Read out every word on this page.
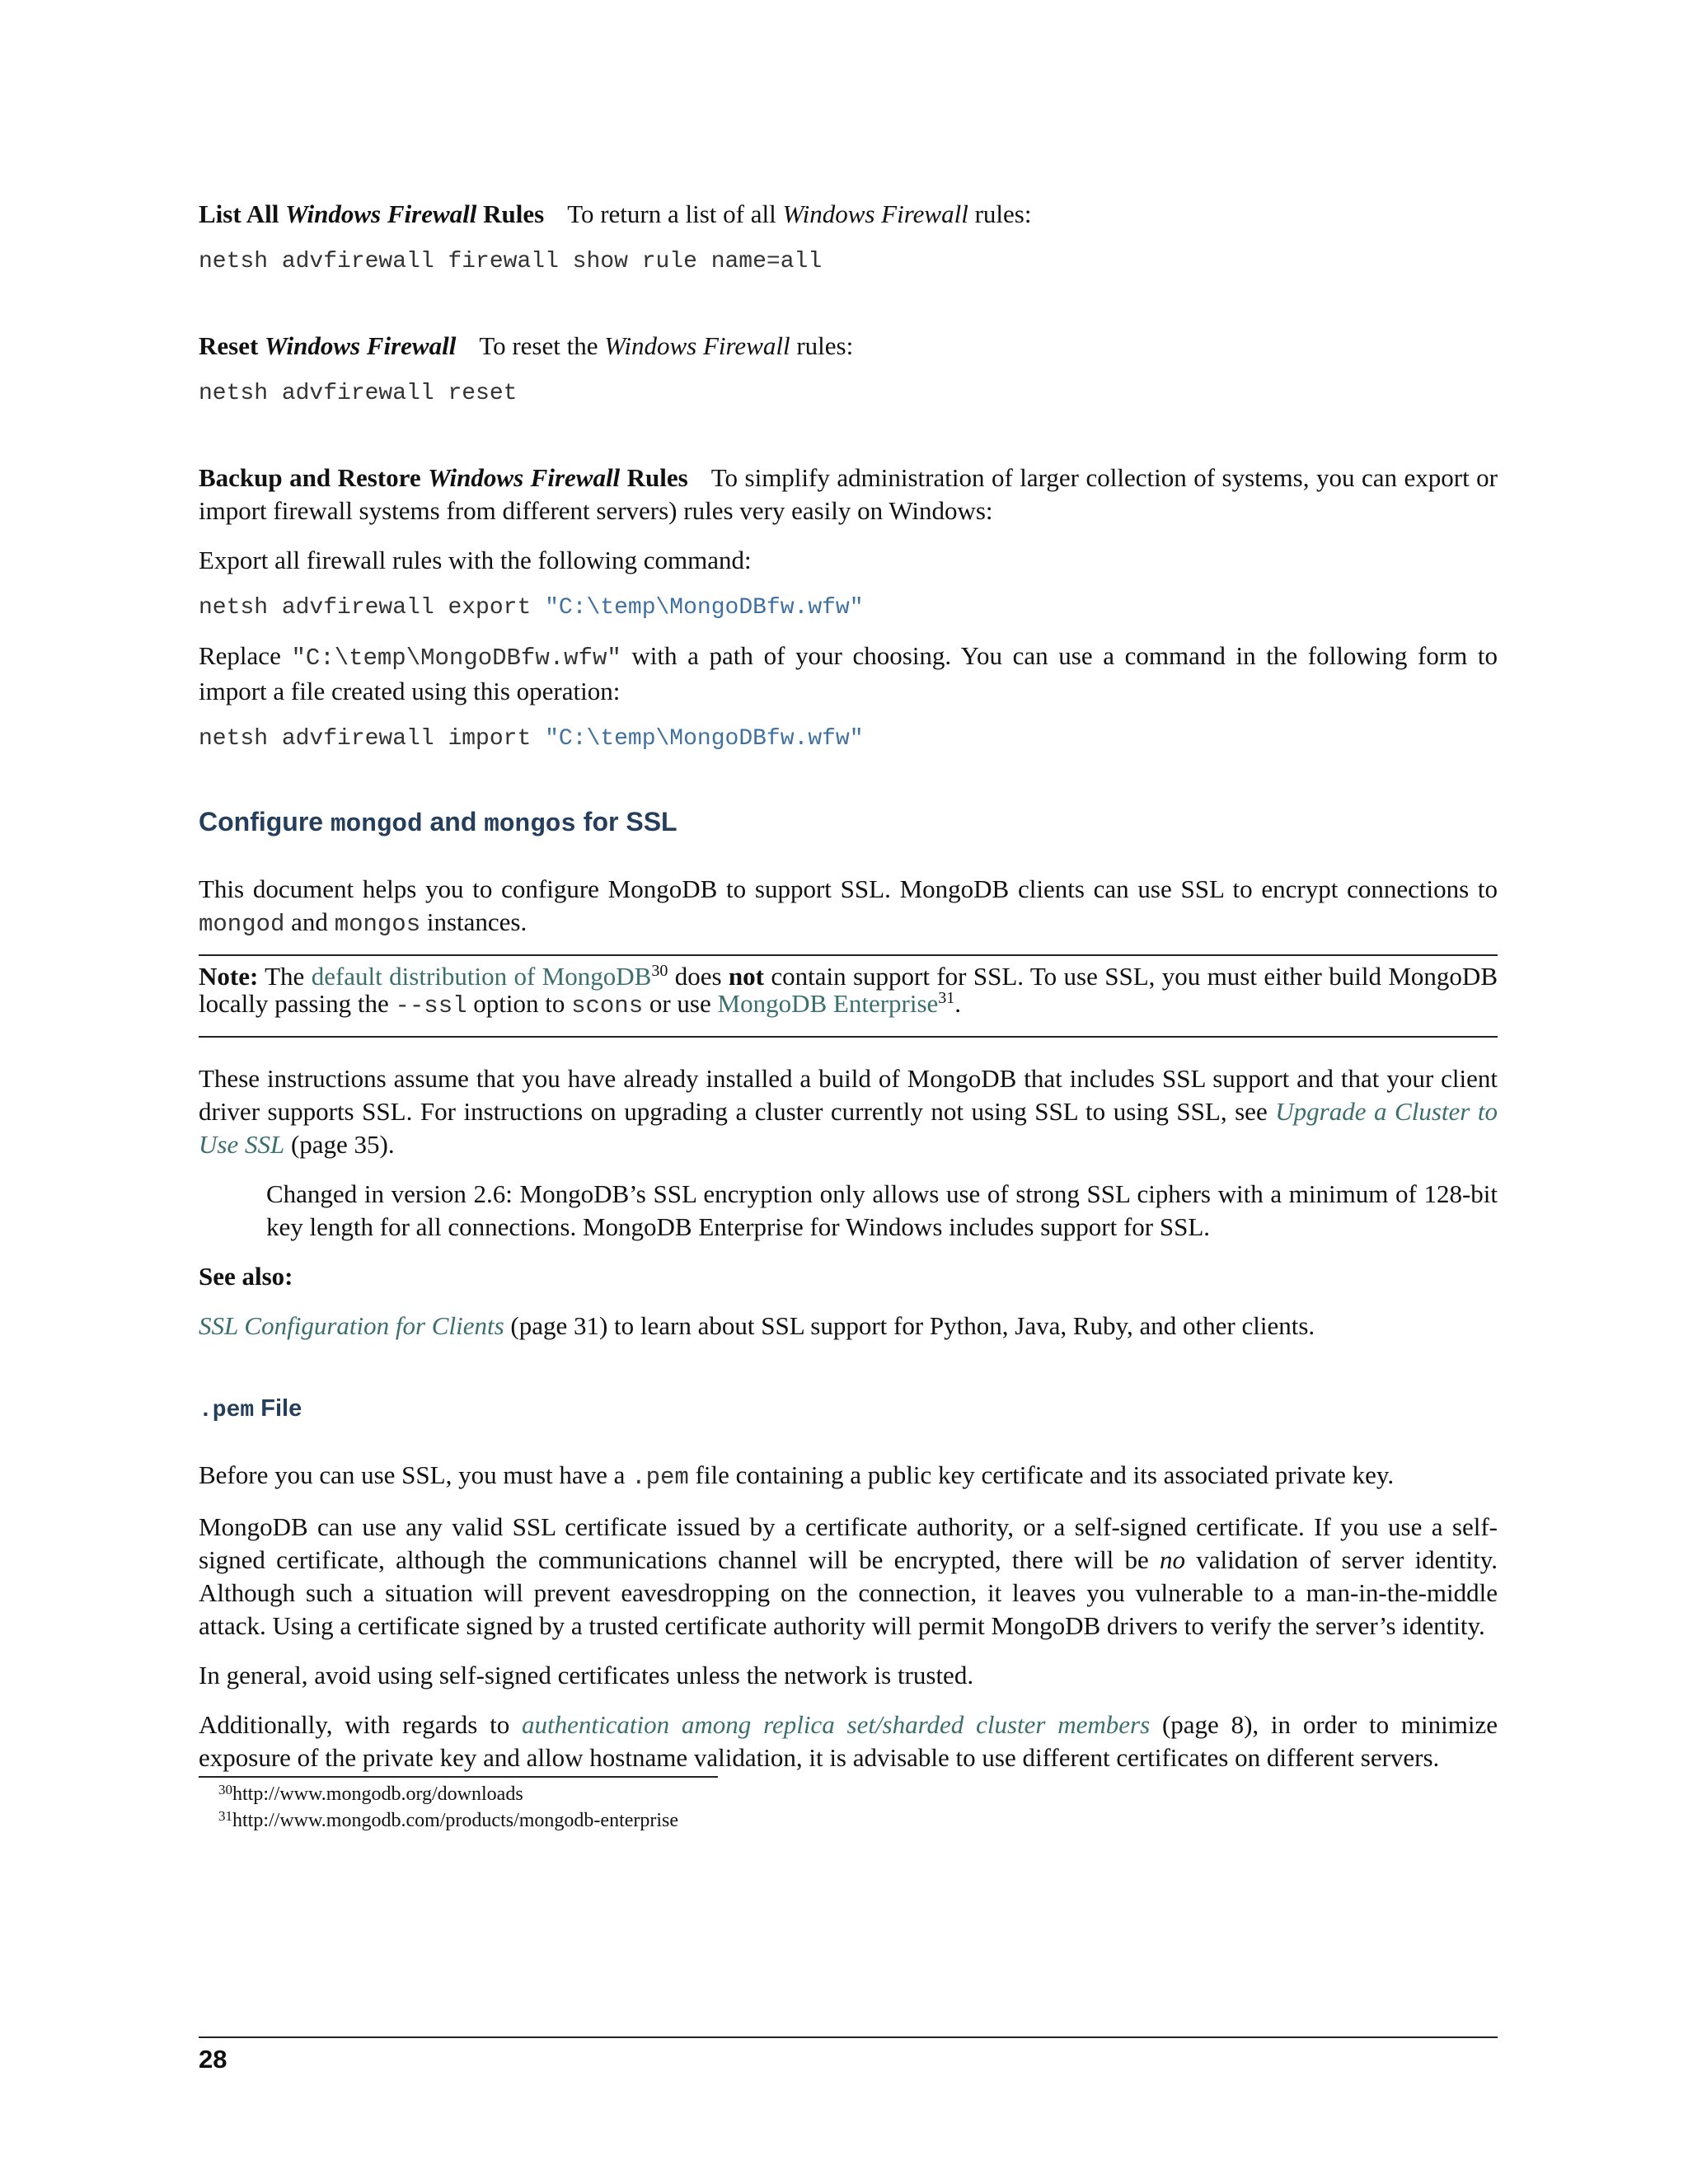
List All Windows Firewall Rules To return a list of all Windows Firewall rules:

netsh advfirewall firewall show rule name=all

Reset Windows Firewall To reset the Windows Firewall rules:

netsh advfirewall reset

Backup and Restore Windows Firewall Rules To simplify administration of larger collection of systems, you can export or import firewall systems from different servers) rules very easily on Windows:

Export all firewall rules with the following command:

netsh advfirewall export "C:\temp\MongoDBfw.wfw"

Replace "C:\temp\MongoDBfw.wfw" with a path of your choosing. You can use a command in the following form to import a file created using this operation:

netsh advfirewall import "C:\temp\MongoDBfw.wfw"
Configure mongod and mongos for SSL

This document helps you to configure MongoDB to support SSL. MongoDB clients can use SSL to encrypt connections to mongod and mongos instances.

Note: The default distribution of MongoDB$^{30}$ does not contain support for SSL. To use SSL, you must either build MongoDB locally passing the --ssl option to scons or use MongoDB Enterprise$^{31}$.

These instructions assume that you have already installed a build of MongoDB that includes SSL support and that your client driver supports SSL. For instructions on upgrading a cluster currently not using SSL to using SSL, see Upgrade a Cluster to Use SSL (page 35).

Changed in version 2.6: MongoDB’s SSL encryption only allows use of strong SSL ciphers with a minimum of 128-bit key length for all connections. MongoDB Enterprise for Windows includes support for SSL.

See also:

SSL Configuration for Clients (page 31) to learn about SSL support for Python, Java, Ruby, and other clients.

.pem File

Before you can use SSL, you must have a .pem file containing a public key certificate and its associated private key.

MongoDB can use any valid SSL certificate issued by a certificate authority, or a self-signed certificate. If you use a self-signed certificate, although the communications channel will be encrypted, there will be no validation of server identity. Although such a situation will prevent eavesdropping on the connection, it leaves you vulnerable to a man-in-the-middle attack. Using a certificate signed by a trusted certificate authority will permit MongoDB drivers to verify the server’s identity.

In general, avoid using self-signed certificates unless the network is trusted.

Additionally, with regards to authentication among replica set/sharded cluster members (page 8), in order to minimize exposure of the private key and allow hostname validation, it is advisable to use different certificates on different servers.

$^{30}$http://www.mongodb.org/downloads

$^{31}$http://www.mongodb.com/products/mongodb-enterprise

28
